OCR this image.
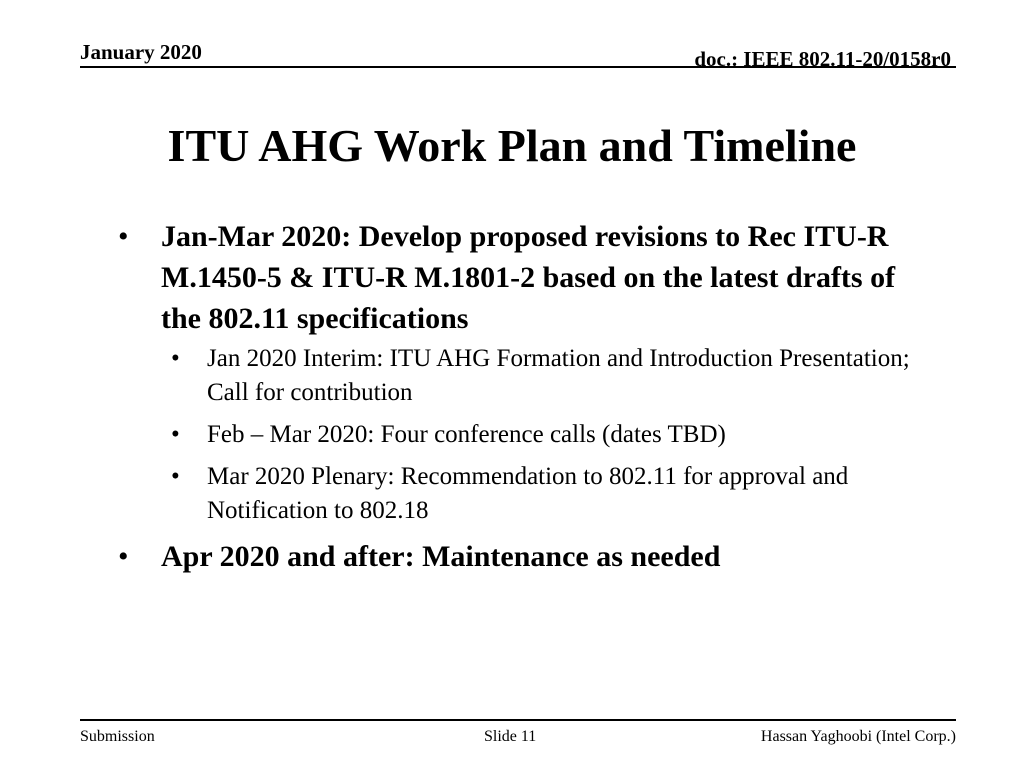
January 2020	doc.: IEEE 802.11-20/0158r0
ITU AHG Work Plan and Timeline
• Jan-Mar 2020: Develop proposed revisions to Rec ITU-R M.1450-5 & ITU-R M.1801-2 based on the latest drafts of the 802.11 specifications
• Jan 2020 Interim: ITU AHG Formation and Introduction Presentation; Call for contribution
• Feb – Mar 2020: Four conference calls (dates TBD)
• Mar 2020 Plenary: Recommendation to 802.11 for approval and Notification to 802.18
• Apr 2020 and after: Maintenance as needed
Submission	Slide 11	Hassan Yaghoobi (Intel Corp.)
